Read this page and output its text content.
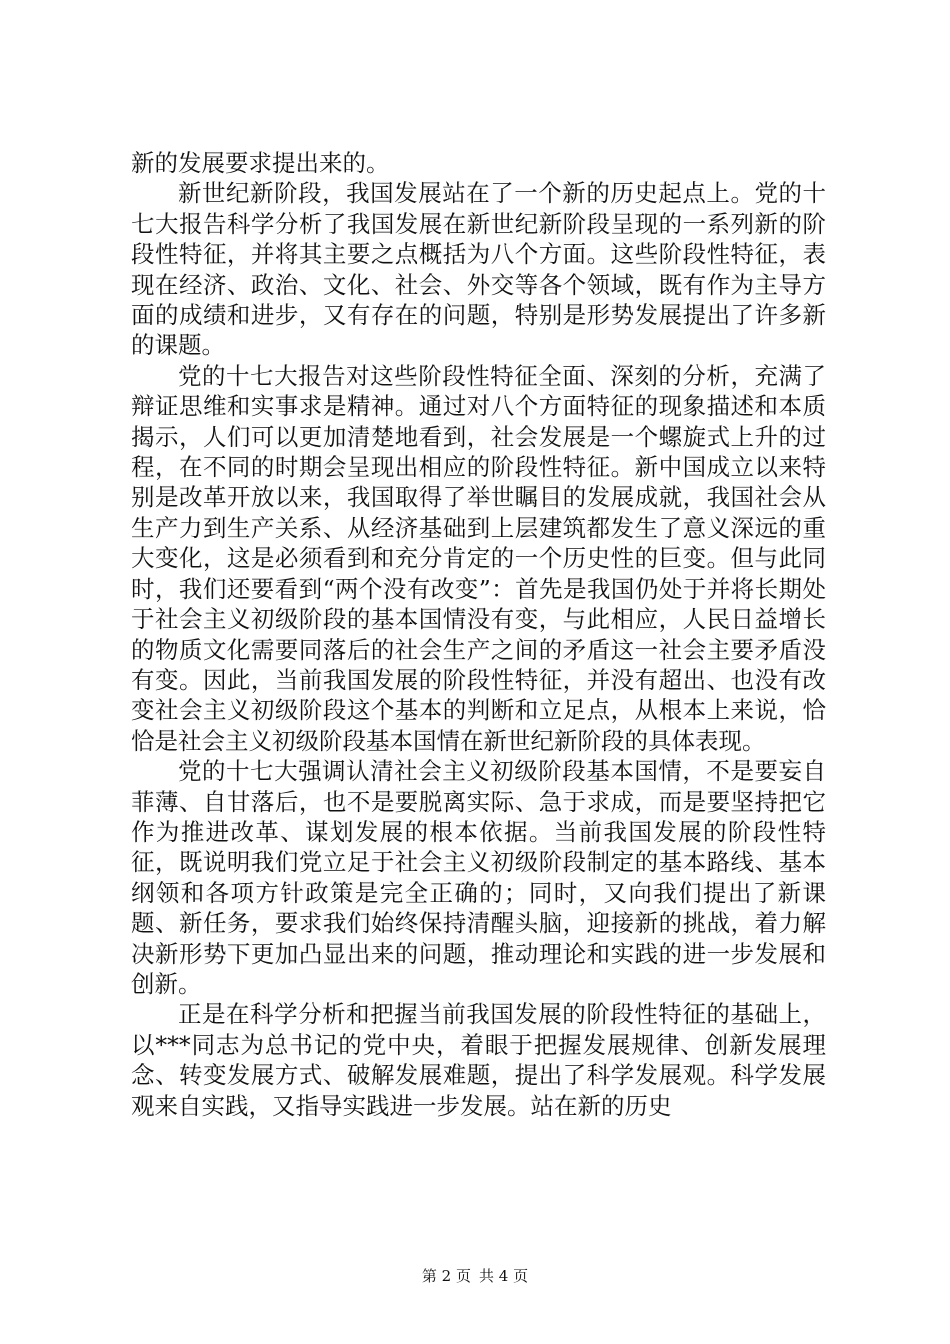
新的发展要求提出来的。

新世纪新阶段，我国发展站在了一个新的历史起点上。党的十七大报告科学分析了我国发展在新世纪新阶段呈现的一系列新的阶段性特征，并将其主要之点概括为八个方面。这些阶段性特征，表现在经济、政治、文化、社会、外交等各个领域，既有作为主导方面的成绩和进步，又有存在的问题，特别是形势发展提出了许多新的课题。

党的十七大报告对这些阶段性特征全面、深刻的分析，充满了辩证思维和实事求是精神。通过对八个方面特征的现象描述和本质揭示，人们可以更加清楚地看到，社会发展是一个螺旋式上升的过程，在不同的时期会呈现出相应的阶段性特征。新中国成立以来特别是改革开放以来，我国取得了举世瞩目的发展成就，我国社会从生产力到生产关系、从经济基础到上层建筑都发生了意义深远的重大变化，这是必须看到和充分肯定的一个历史性的巨变。但与此同时，我们还要看到“两个没有改变”：首先是我国仍处于并将长期处于社会主义初级阶段的基本国情没有变，与此相应，人民日益增长的物质文化需要同落后的社会生产之间的矛盾这一社会主要矛盾没有变。因此，当前我国发展的阶段性特征，并没有超出、也没有改变社会主义初级阶段这个基本的判断和立足点，从根本上来说，恰恰是社会主义初级阶段基本国情在新世纪新阶段的具体表现。

党的十七大强调认清社会主义初级阶段基本国情，不是要妄自菲薄、自甘落后，也不是要脱离实际、急于求成，而是要坚持把它作为推进改革、谋划发展的根本依据。当前我国发展的阶段性特征，既说明我们党立足于社会主义初级阶段制定的基本路线、基本纲领和各项方针政策是完全正确的；同时，又向我们提出了新课题、新任务，要求我们始终保持清醒头脑，迎接新的挑战，着力解决新形势下更加凸显出来的问题，推动理论和实践的进一步发展和创新。

正是在科学分析和把握当前我国发展的阶段性特征的基础上，以***同志为总书记的党中央，着眼于把握发展规律、创新发展理念、转变发展方式、破解发展难题，提出了科学发展观。科学发展观来自实践，又指导实践进一步发展。站在新的历史

第 2 页 共 4 页
